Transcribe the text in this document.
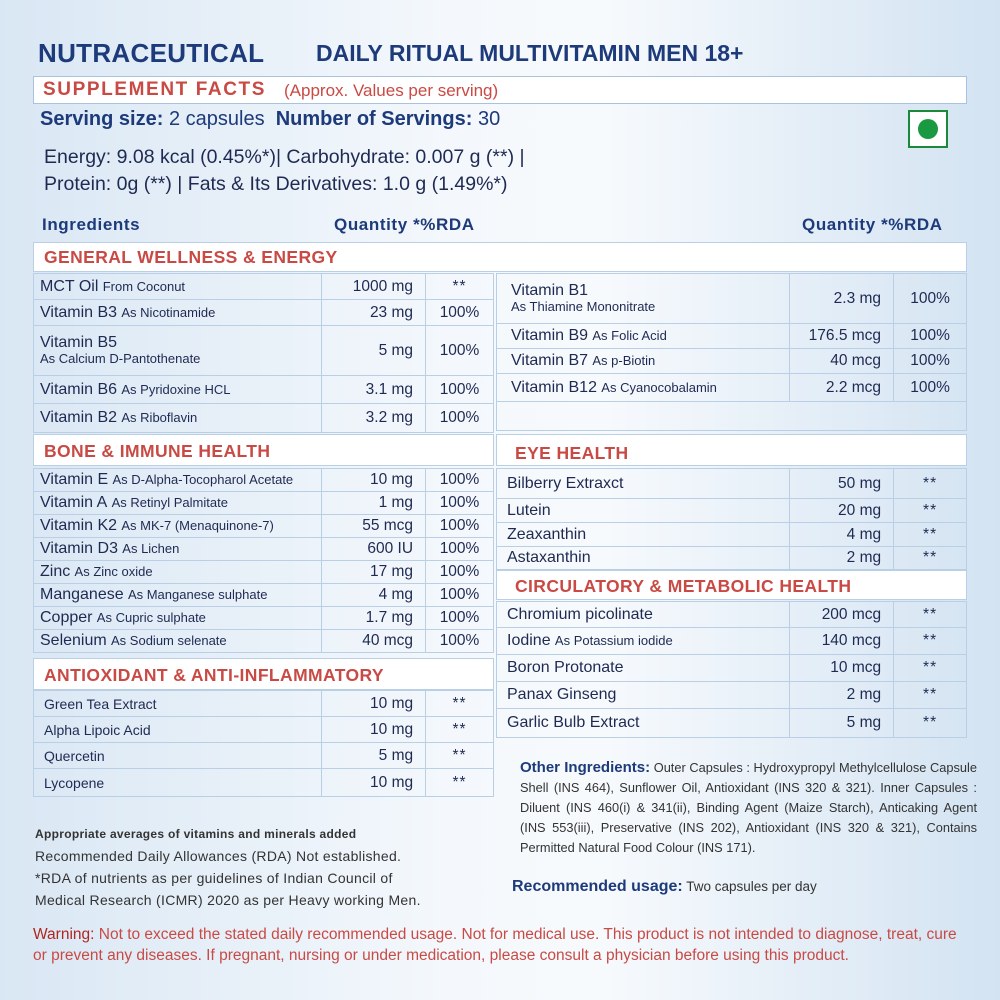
NUTRACEUTICAL DAILY RITUAL MULTIVITAMIN MEN 18+
SUPPLEMENT FACTS (Approx. Values per serving)
Serving size: 2 capsules Number of Servings: 30
Energy: 9.08 kcal (0.45%*)| Carbohydrate: 0.007 g (**) |
Protein: 0g (**) | Fats & Its Derivatives: 1.0 g (1.49%*)
Ingredients	Quantity *%RDA	Quantity *%RDA
GENERAL WELLNESS & ENERGY
BONE & IMMUNE HEALTH	EYE HEALTH
CIRCULATORY & METABOLIC HEALTH
ANTIOXIDANT & ANTI-INFLAMMATORY
MCT Oil From Coconut	1000 mg	**
Vitamin B3 As Nicotinamide	23 mg	100%

Vitamin B5
As Calcium D-Pantothenate	5 mg	100%
Vitamin B6 As Pyridoxine HCL	3.1 mg	100%
Vitamin B2 As Riboflavin	3.2 mg	100%
Vitamin B1
As Thiamine Mononitrate	2.3 mg	100%
Vitamin B9 As Folic Acid	176.5 mcg	100%
Vitamin B7 As p-Biotin	40 mcg	100%
Vitamin B12 As Cyanocobalamin	2.2 mcg	100%

Vitamin E As D-Alpha-Tocopharol Acetate	10 mg	100%
Vitamin A As Retinyl Palmitate	1 mg	100%
Vitamin K2 As MK-7 (Menaquinone-7)	55 mcg	100%
Vitamin D3 As Lichen	600 IU	100%
Zinc As Zinc oxide	17 mg	100%
Manganese As Manganese sulphate	4 mg	100%
Copper As Cupric sulphate	1.7 mg	100%
Selenium As Sodium selenate	40 mcg	100%
Bilberry Extraxct	50 mg	**
Lutein	20 mg	**
Zeaxanthin	4 mg	**
Astaxanthin	2 mg	**
Chromium picolinate	200 mcg	**
Iodine As Potassium iodide	140 mcg	**
Boron Protonate	10 mcg	**
Panax Ginseng	2 mg	**
Garlic Bulb Extract	5 mg	**
Green Tea Extract	10 mg	**
Alpha Lipoic Acid	10 mg	**
Quercetin	5 mg	**
Lycopene	10 mg	**
Appropriate averages of vitamins and minerals added
Recommended Daily Allowances (RDA) Not established.
*RDA of nutrients as per guidelines of Indian Council of
Medical Research (ICMR) 2020 as per Heavy working Men.
Other Ingredients: Outer Capsules : Hydroxypropyl Methylcellulose Capsule Shell (INS 464), Sunflower Oil, Antioxidant (INS 320 & 321). Inner Capsules : Diluent (INS 460(i) & 341(ii), Binding Agent (Maize Starch), Anticaking Agent (INS 553(iii), Preservative (INS 202), Antioxidant (INS 320 & 321), Contains Permitted Natural Food Colour (INS 171).
Recommended usage: Two capsules per day
Warning: Not to exceed the stated daily recommended usage. Not for medical use. This product is not intended to diagnose, treat, cure or prevent any diseases. If pregnant, nursing or under medication, please consult a physician before using this product.
